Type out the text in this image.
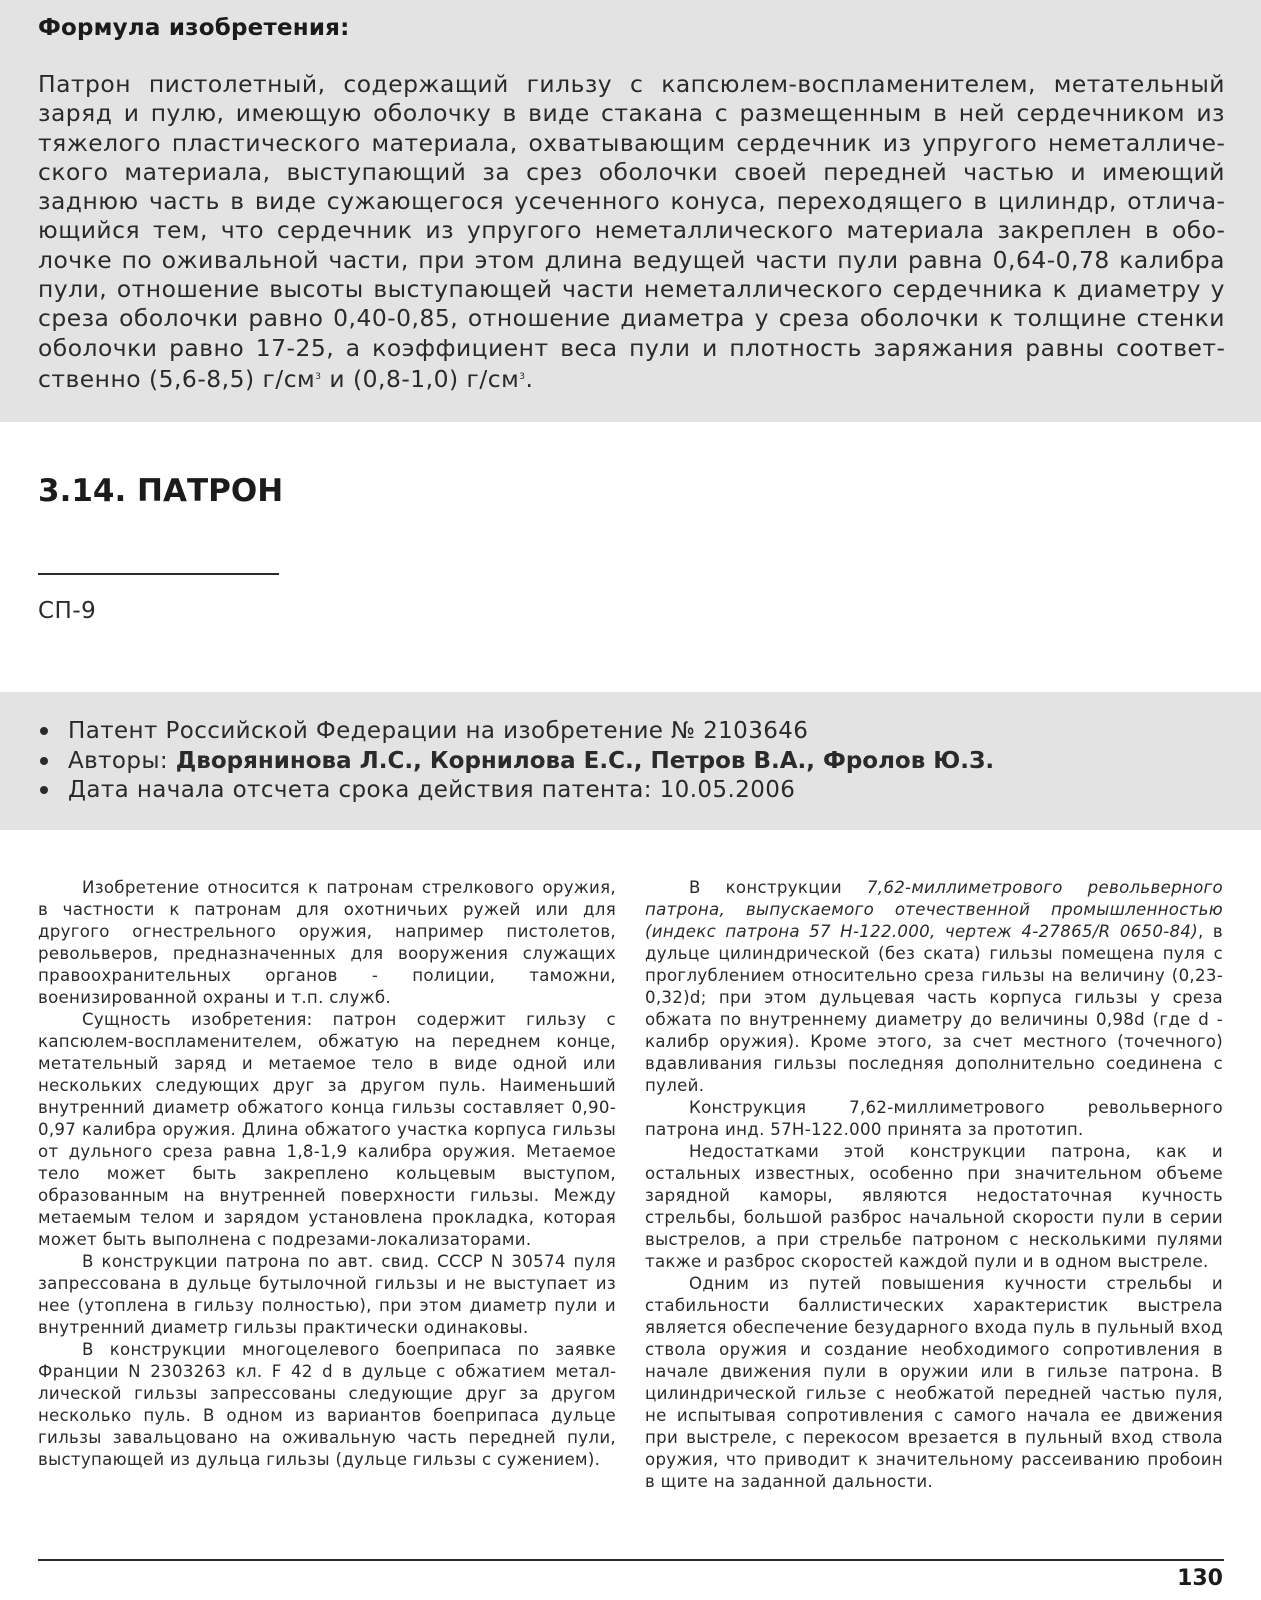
Формула изобретения:
Патрон пистолетный, содержащий гильзу с капсюлем-воспламенителем, метательный заряд и пулю, имеющую оболочку в виде стакана с размещенным в ней сердечником из тяжелого пластического материала, охватывающим сердечник из упругого неметаллического материала, выступающий за срез оболочки своей передней частью и имеющий заднюю часть в виде сужающегося усеченного конуса, переходящего в цилиндр, отличающийся тем, что сердечник из упругого неметаллического материала закреплен в оболочке по оживальной части, при этом длина ведущей части пули равна 0,64-0,78 калибра пули, отношение высоты выступающей части неметаллического сердечника к диаметру у среза оболочки равно 0,40-0,85, отношение диаметра у среза оболочки к толщине стенки оболочки равно 17-25, а коэффициент веса пули и плотность заряжания равны соответственно (5,6-8,5) $г/см^3$ и (0,8-1,0) $г/см^3$.
3.14. ПАТРОН
СП-9
Патент Российской Федерации на изобретение № 2103646
Авторы: Дворянинова Л.С., Корнилова Е.С., Петров В.А., Фролов Ю.З.
Дата начала отсчета срока действия патента: 10.05.2006

Изобретение относится к патронам стрелкового оружия, в частности к патронам для охотничьих ружей или для другого огнестрельного оружия, например пистолетов, револьверов, предназначенных для вооружения служащих правоохранительных органов - полиции, таможни, военизированной охраны и т.п. служб.

Сущность изобретения: патрон содержит гильзу с капсюлем-воспламенителем, обжатую на переднем конце, метательный заряд и метаемое тело в виде одной или нескольких следующих друг за другом пуль. Наименьший внутренний диаметр обжатого конца гильзы составляет 0,90-0,97 калибра оружия. Длина обжатого участка корпуса гильзы от дульного среза равна 1,8-1,9 калибра оружия. Метаемое тело может быть закреплено кольцевым выступом, образованным на внутренней поверхности гильзы. Между метаемым телом и зарядом установлена прокладка, которая может быть выполнена с подрезами-локализаторами.

В конструкции патрона по авт. свид. СССР N 30574 пуля запрессована в дульце бутылочной гильзы и не выступает из нее (утоплена в гильзу полностью), при этом диаметр пули и внутренний диаметр гильзы практически одинаковы.

В конструкции многоцелевого боеприпаса по заявке Франции N 2303263 кл. F 42 d в дульце с обжатием металлической гильзы запрессованы следующие друг за другом несколько пуль. В одном из вариантов боеприпаса дульце гильзы завальцовано на оживальную часть передней пули, выступающей из дульца гильзы (дульце гильзы с сужением).

В конструкции 7,62-миллиметрового револьверного патрона, выпускаемого отечественной промышленностью (индекс патрона 57 Н-122.000, чертеж 4-27865/R 0650-84), в дульце цилиндрической (без ската) гильзы помещена пуля с проглублением относительно среза гильзы на величину (0,23-0,32)d; при этом дульцевая часть корпуса гильзы у среза обжата по внутреннему диаметру до величины 0,98d (где d - калибр оружия). Кроме этого, за счет местного (точечного) вдавливания гильзы последняя дополнительно соединена с пулей.

Конструкция 7,62-миллиметрового револьверного патрона инд. 57Н-122.000 принята за прототип.

Недостатками этой конструкции патрона, как и остальных известных, особенно при значительном объеме зарядной каморы, являются недостаточная кучность стрельбы, большой разброс начальной скорости пули в серии выстрелов, а при стрельбе патроном с несколькими пулями также и разброс скоростей каждой пули и в одном выстреле.

Одним из путей повышения кучности стрельбы и стабильности баллистических характеристик выстрела является обеспечение безударного входа пуль в пульный вход ствола оружия и создание необходимого сопротивления в начале движения пули в оружии или в гильзе патрона. В цилиндрической гильзе с необжатой передней частью пуля, не испытывая сопротивления с самого начала ее движения при выстреле, с перекосом врезается в пульный вход ствола оружия, что приводит к значительному рассеиванию пробоин в щите на заданной дальности.

130
